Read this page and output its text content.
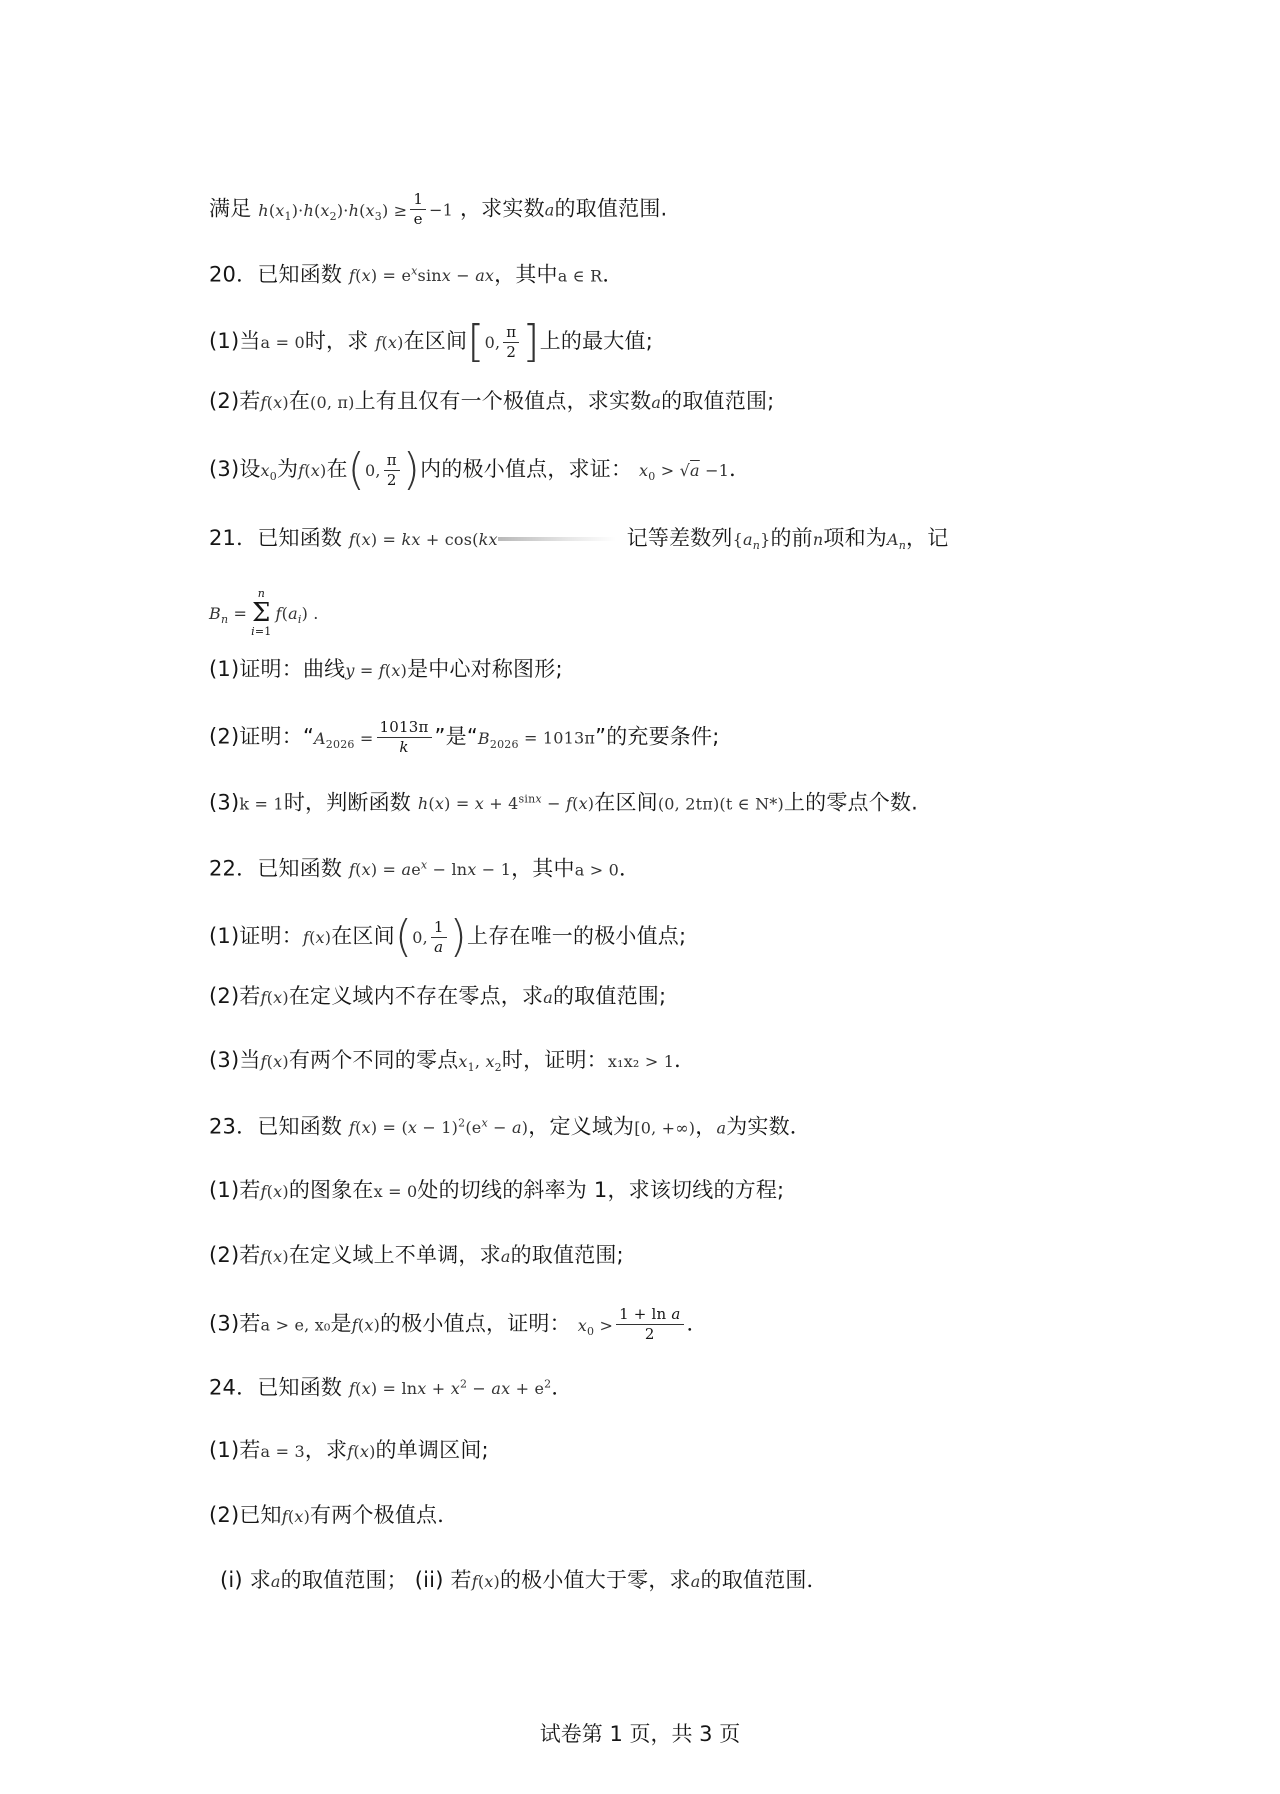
满足 $h(x_1)\cdot h(x_2)\cdot h(x_3) \ge \frac{1}{e} -1$ ，求实数a的取值范围.
20．已知函数 $f(x) = e^x\sin x$ − ax，其中a ∈ R．
(1)当a = 0时，求 f(x)在区间[0, $\frac{\pi}{2}$ ]上的最大值;
(2)若f(x)在(0, π)上有且仅有一个极值点，求实数a的取值范围;
(3)设$x_0$为f(x)在(0, $\frac{\pi}{2}$ )内的极小值点，求证： $x_0 > √a -1$．
21．已知函数 f(x) = kx + cos(kx	记等差数列$\{a_n\}$的前n项和为$A_n$，记
$B_n =n$
Σ
$i=1f(a_i)$ .
(1)证明：曲线y = f(x)是中心对称图形;
(2)证明：“$A_{2026} = \frac{1013\pi}{k}$ ”是“$B_{2026} = 1013\pi$”的充要条件;
(3)k = 1时，判断函数 $h(x) = x + 4^{sinx} - f(x)$在区间(0, 2tπ)(t ∈ N*)上的零点个数.
22．已知函数 $f(x) = ae^x - \ln x - 1$，其中a > 0．
(1)证明：f(x)在区间(0, $\frac{1}{a}$ )上存在唯一的极小值点;
(2)若f(x)在定义域内不存在零点，求a的取值范围;
(3)当f(x)有两个不同的零点$x_1$, $x_2$时，证明：x₁x₂ > 1．
23．已知函数 $f(x) = (x - 1)^2(e^x - a)$，定义域为[0, +∞)，a为实数．
(1)若f(x)的图象在x = 0处的切线的斜率为 1，求该切线的方程;
(2)若f(x)在定义域上不单调，求a的取值范围;
(3)若a > e, x₀是f(x)的极小值点，证明： $x_0 > \frac{\text{1 + ln a}}{2}$ ．
24．已知函数 $f(x) = \ln x + x^2$ − ax + $e^2$．
(1)若a = 3，求f(x)的单调区间;
(2)已知f(x)有两个极值点．
(i) 求a的取值范围； (ii) 若f(x)的极小值大于零，求a的取值范围．
试卷第 1 页，共 3 页
